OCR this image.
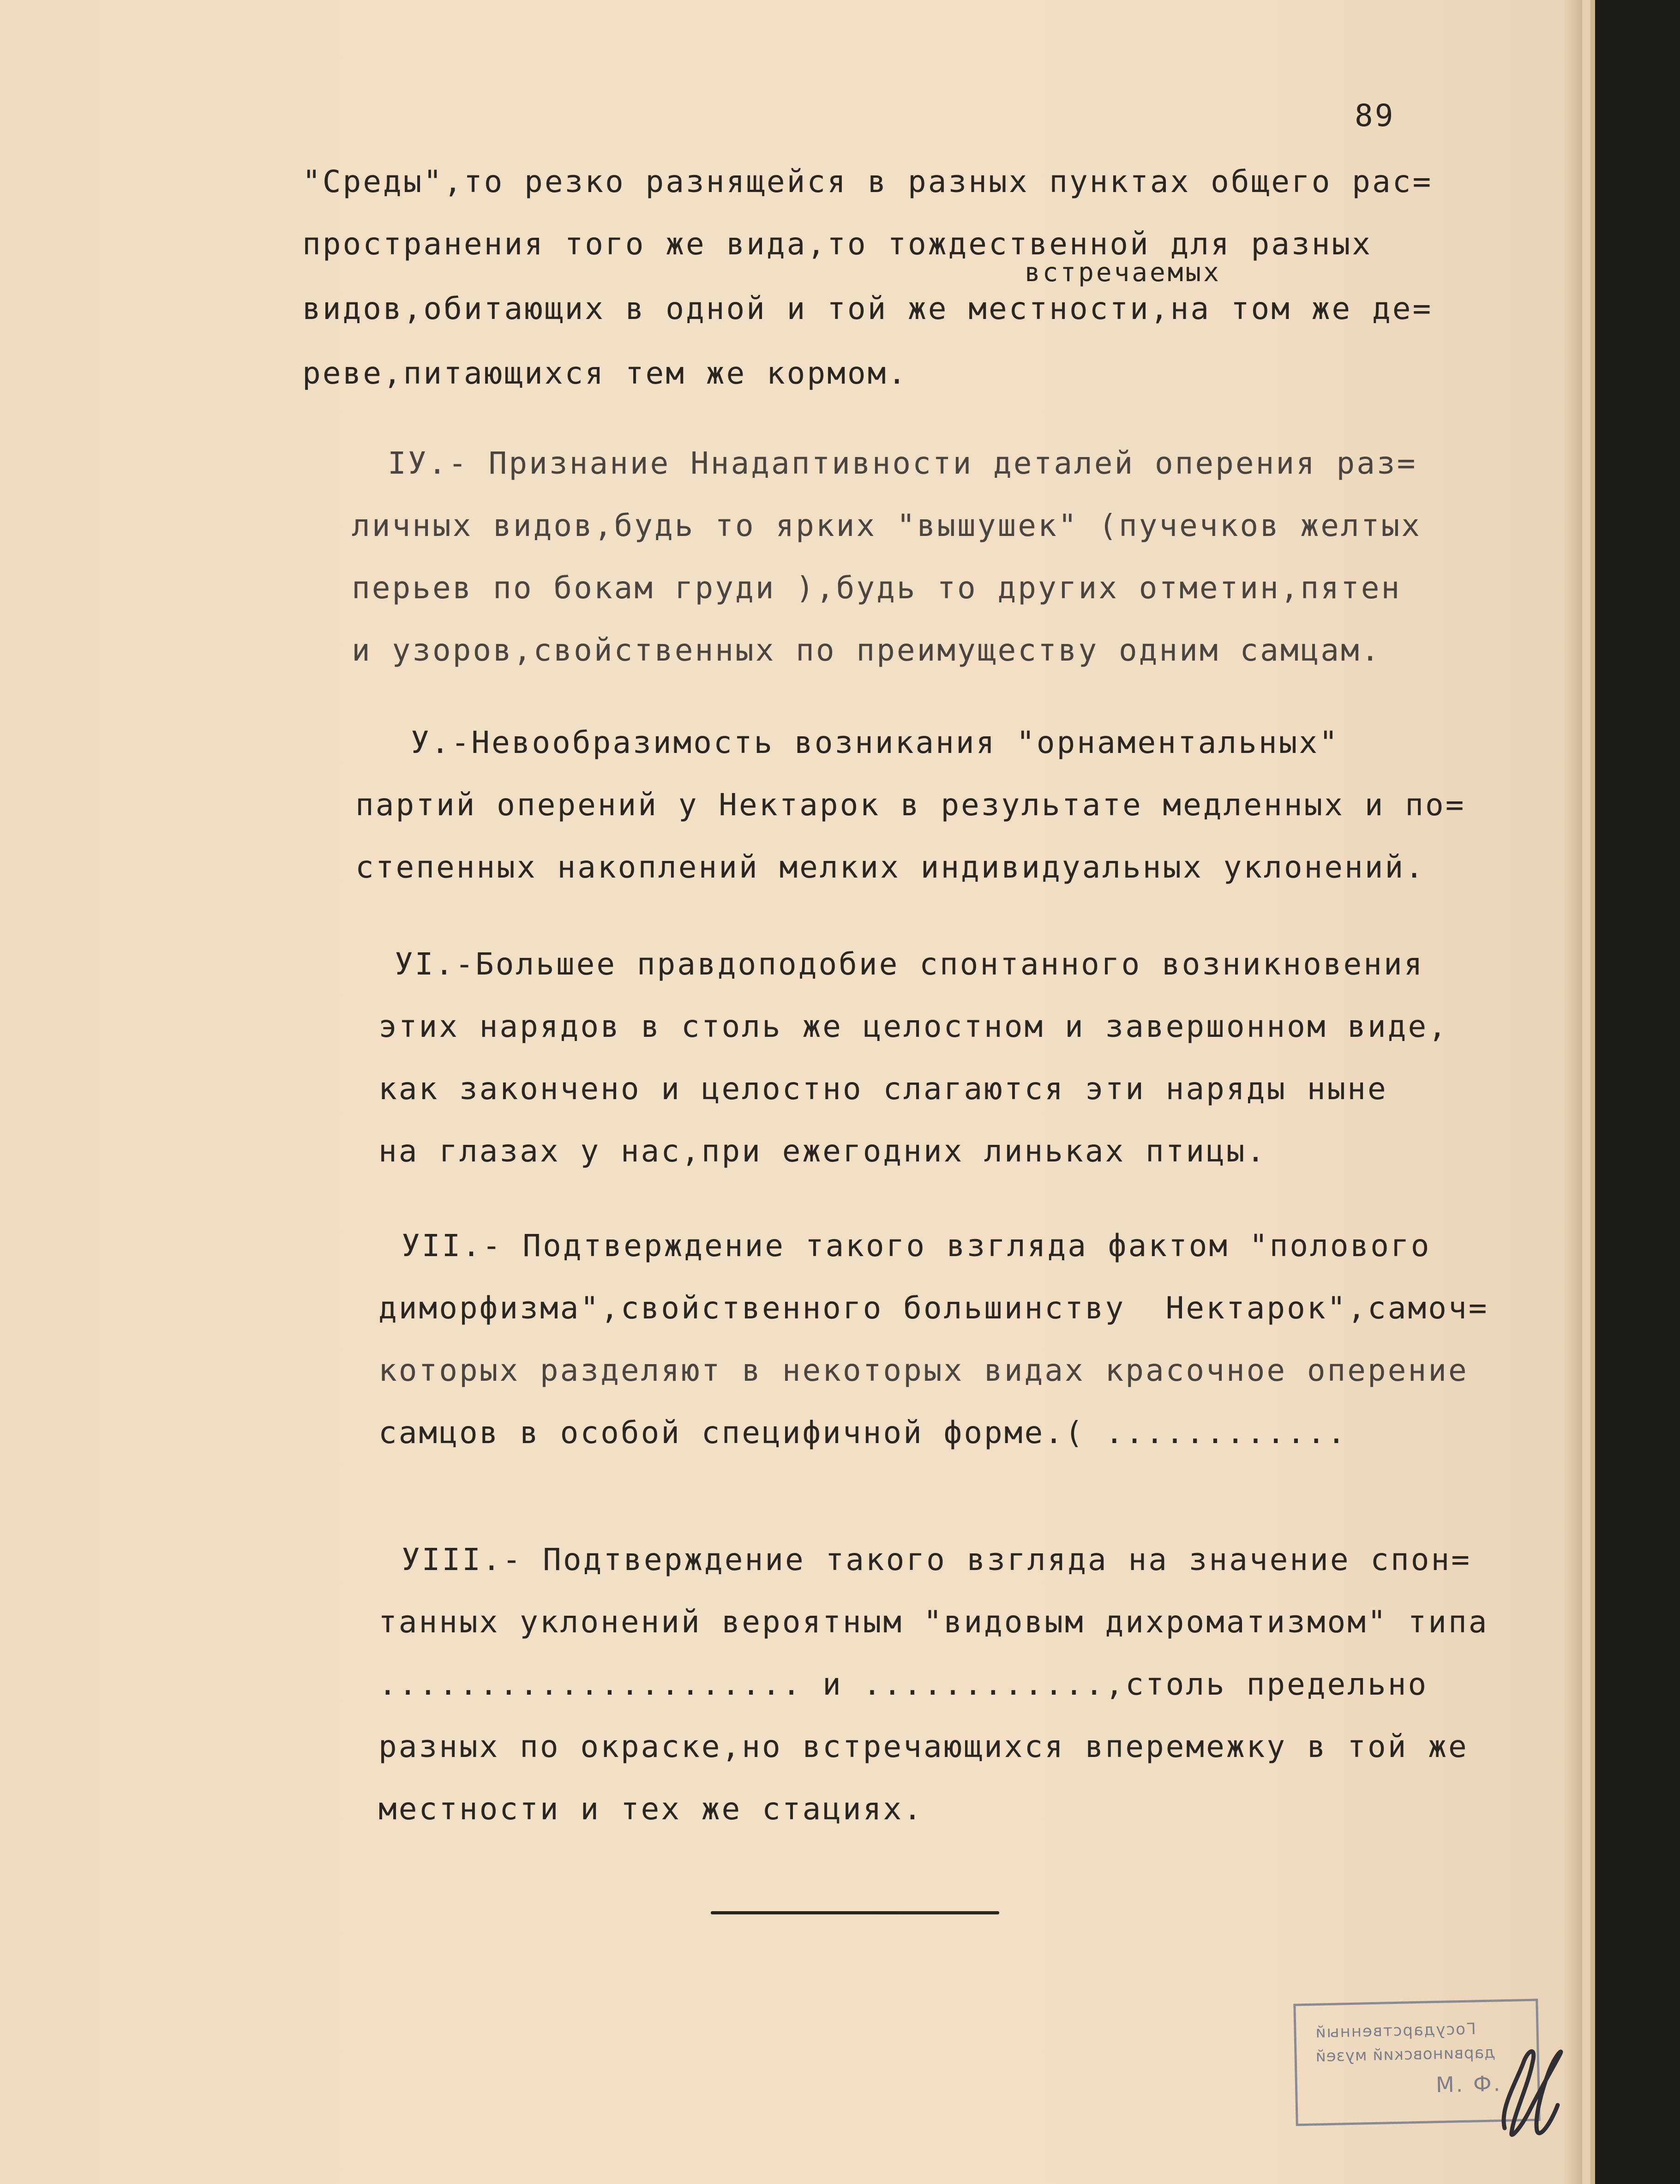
89
встречаемых
"Среды",то резко разнящейся в разных пунктах общего рас=
пространения того же вида,то тождественной для разных
видов,обитающих в одной и той же местности,на том же де=
реве,питающихся тем же кормом.
IУ.- Признание Ннадаптивности деталей оперения раз=
личных видов,будь то ярких "вышушек" (пучечков желтых
перьев по бокам груди ),будь то других отметин,пятен
и узоров,свойственных по преимуществу одним самцам.
У.-Невообразимость возникания "орнаментальных"
партий оперений у Нектарок в результате медленных и по=
степенных накоплений мелких индивидуальных уклонений.
УI.-Большее правдоподобие спонтанного возникновения
этих нарядов в столь же целостном и завершонном виде,
как закончено и целостно слагаются эти наряды ныне
на глазах у нас,при ежегодних линьках птицы.
УII.- Подтверждение такого взгляда фактом "полового
диморфизма",свойственного большинству  Нектарок",самоч=
которых разделяют в некоторых видах красочное оперение
самцов в особой специфичной форме.( ............
УIII.- Подтверждение такого взгляда на значение спон=
танных уклонений вероятным "видовым дихроматизмом" типа
..................... и ............,столь предельно
разных по окраске,но встречающихся вперемежку в той же
местности и тех же стациях.
Государственный
дарвиновский музей
М. Ф.
